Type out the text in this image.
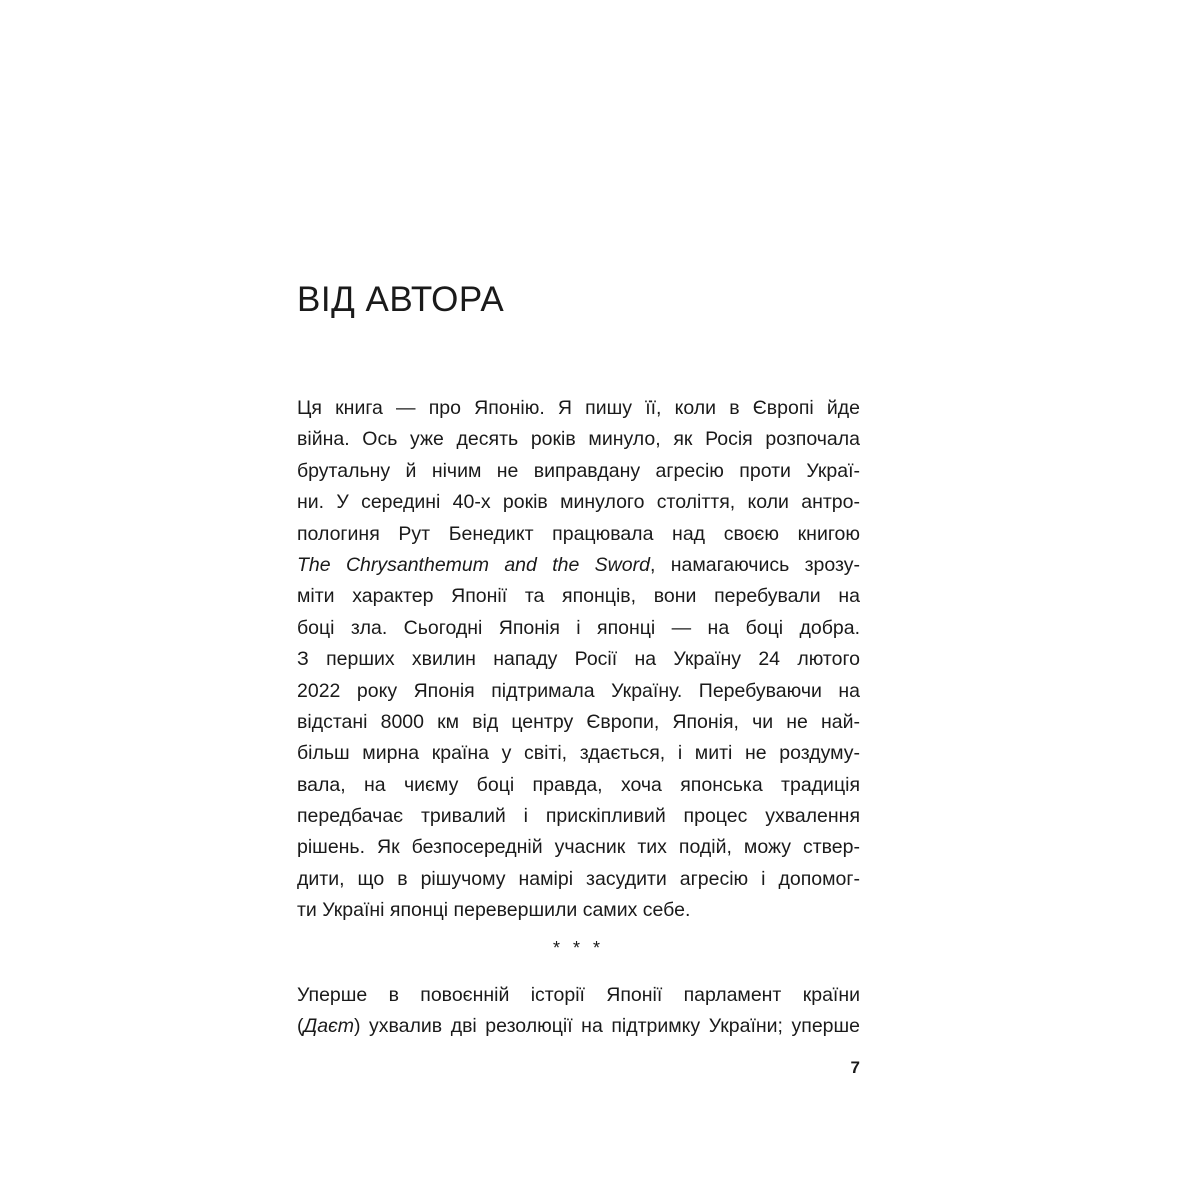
ВІД АВТОРА
Ця книга — про Японію. Я пишу її, коли в Європі йде
війна. Ось уже десять років минуло, як Росія розпочала
брутальну й нічим не виправдану агресію проти Украї-
ни. У середині 40-х років минулого століття, коли антро-
пологиня Рут Бенедикт працювала над своєю книгою
The Chrysanthemum and the Sword, намагаючись зрозу-
міти характер Японії та японців, вони перебували на
боці зла. Сьогодні Японія і японці — на боці добра.
З перших хвилин нападу Росії на Україну 24 лютого
2022 року Японія підтримала Україну. Перебуваючи на
відстані 8000 км від центру Європи, Японія, чи не най-
більш мирна країна у світі, здається, і миті не роздуму-
вала, на чиєму боці правда, хоча японська традиція
передбачає тривалий і прискіпливий процес ухвалення
рішень. Як безпосередній учасник тих подій, можу ствер-
дити, що в рішучому намірі засудити агресію і допомог-
ти Україні японці перевершили самих себе.
* * *
Уперше в повоєнній історії Японії парламент країни
(Даєт) ухвалив дві резолюції на підтримку України; уперше
7
